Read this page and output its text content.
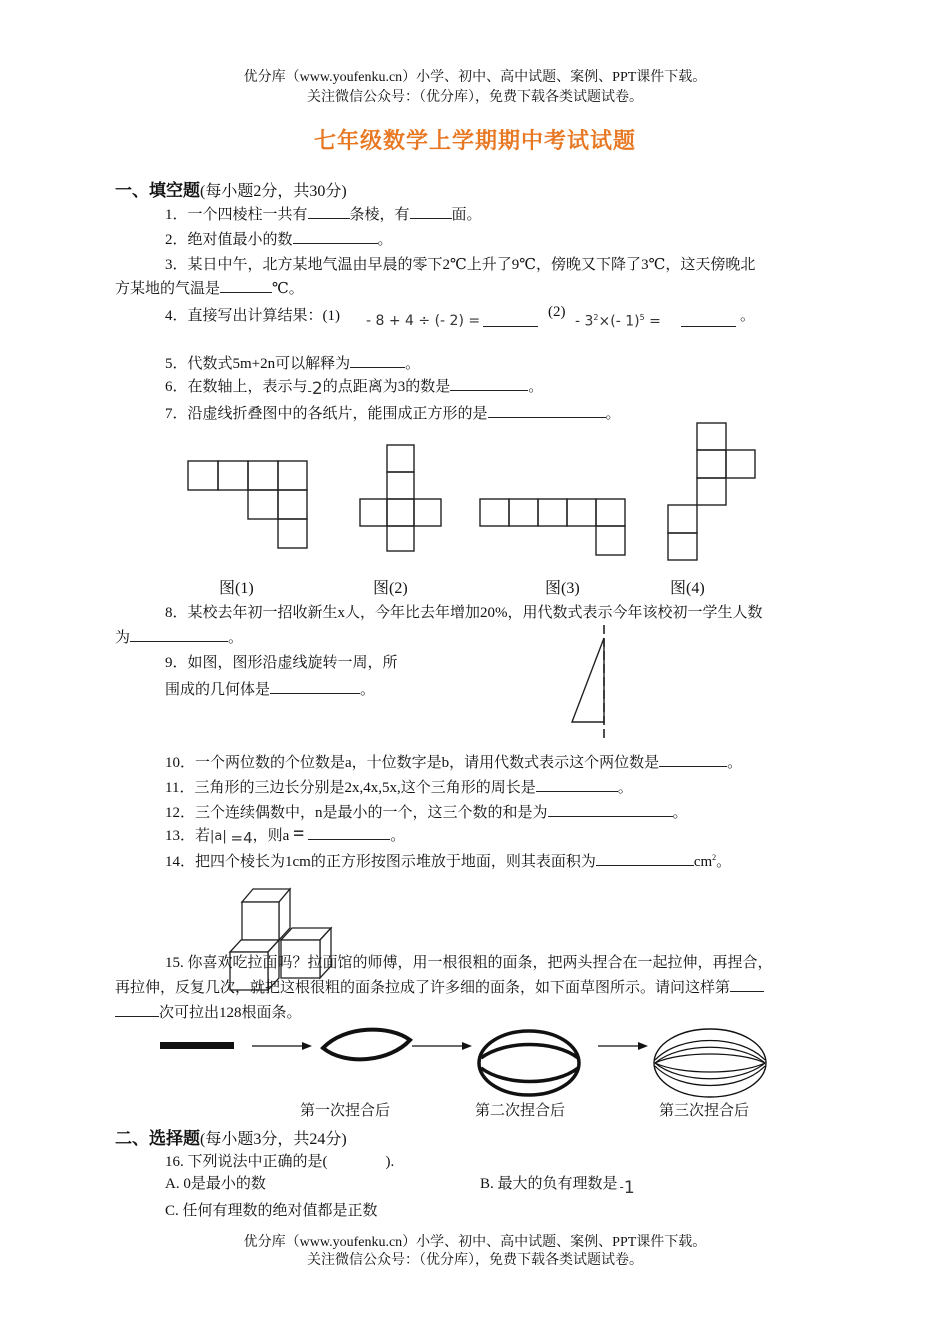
优分库（www.youfenku.cn）小学、初中、高中试题、案例、PPT课件下载。
关注微信公众号：（优分库），免费下载各类试题试卷。
七年级数学上学期期中考试试题
一、填空题(每小题2分，共30分)
1．一个四棱柱一共有	条棱，有	面。
2．绝对值最小的数	。
3．某日中午，北方某地气温由早晨的零下2℃上升了9℃，傍晚又下降了3℃，这天傍晚北
方某地的气温是	℃。
4．直接写出计算结果：(1) - 8 + 4 ÷ (- 2) =
(2)
- $3^2\times(-$ 1)$^5$ =	。
5．代数式5m+2n可以解释为	。
6．在数轴上，表示与$_-$2的点距离为3的数是	。
7．沿虚线折叠图中的各纸片，能围成正方形的是	。
图(1)	图(2)	图(3)	图(4)
8．某校去年初一招收新生x人，今年比去年增加20%，用代数式表示今年该校初一学生人数
为	。
9．如图，图形沿虚线旋转一周，所
围成的几何体是	。
10．一个两位数的个位数是a，十位数字是b，请用代数式表示这个两位数是	。
11．三角形的三边长分别是2x,4x,5x,这个三角形的周长是	。
12．三个连续偶数中，n是最小的一个，这三个数的和是为	。
13．若|a| =4，则a =	。
14．把四个棱长为1cm的正方形按图示堆放于地面，则其表面积为	$cm^2$。
15. 你喜欢吃拉面吗？拉面馆的师傅，用一根很粗的面条，把两头捏合在一起拉伸，再捏合，
再拉伸，反复几次，就把这根很粗的面条拉成了许多细的面条，如下面草图所示。请问这样第
次可拉出128根面条。
第一次捏合后	第二次捏合后	第三次捏合后
二、选择题(每小题3分，共24分)
16. 下列说法中正确的是(	).
A. 0是最小的数	B. 最大的负有理数是 $_-$1
C. 任何有理数的绝对值都是正数
优分库（www.youfenku.cn）小学、初中、高中试题、案例、PPT课件下载。
关注微信公众号：（优分库），免费下载各类试题试卷。
